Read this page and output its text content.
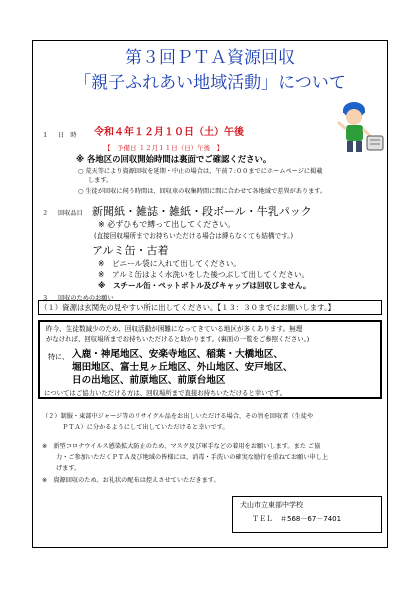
第３回ＰＴＡ資源回収
「親子ふれあい地域活動」について
１ 日　時 令和４年１２月１０日（土）午後
【　予備日 １２月１１日（日）午後　】
※ 各地区の回収開始時間は裏面でご確認ください。
○ 荒天等により資源回収を延期・中止の場合は、午前７:００までにホームページに掲載
します。
○ 生徒が回収に伺う時間は、回収車の収集時間に間に合わせて各地域で差異があります。
２ 回収品目 新聞紙・雑誌・雑紙・段ボール・牛乳パック
※ 必ずひもで縛って出してください。
(直接回収場所までお持ちいただける場合は縛らなくても結構です。)
アルミ缶・古着
※　ビニール袋に入れて出してください。
※　アルミ缶はよく水洗いをした後つぶして出してください。
※　スチール缶・ペットボトル及びキャップは回収しません。
３ 回収のためのお願い
（１）資源は玄関先の見やすい所に出してください。【１３：３０までにお願いします。】
昨今、生徒数減少のため、回収活動が困難になってきている地区が多くあります。無理
がなければ、回収場所までお持ちいただけると助かります。(裏面の一覧をご参照ください。)
特に、 入鹿・神尾地区、安楽寺地区、稲葉・大橋地区、
堀田地区、富士見ヶ丘地区、外山地区、安戸地区、
日の出地区、前原地区、前原台地区
についてはご協力いただける方は、回収場所まで直接お持ちいただけると幸いです。
（２）制服・東部中ジャージ等のリサイクル品をお出しいただける場合、その旨を回収者（生徒や
ＰＴＡ）に分かるようにして出していただけると幸いです。
※　新型コロナウイルス感染拡大防止のため、マスク及び軍手などの着用をお願いします。また ご協
力・ご参加いただくＰＴＡ及び地域の皆様には、消毒・手洗いの確実な励行を重ねてお願い申し上
げます。
※　資源回収のため、お礼状の配布は控えさせていただきます。
犬山市立東部中学校
ＴＥＬ　＃568－67－7401
